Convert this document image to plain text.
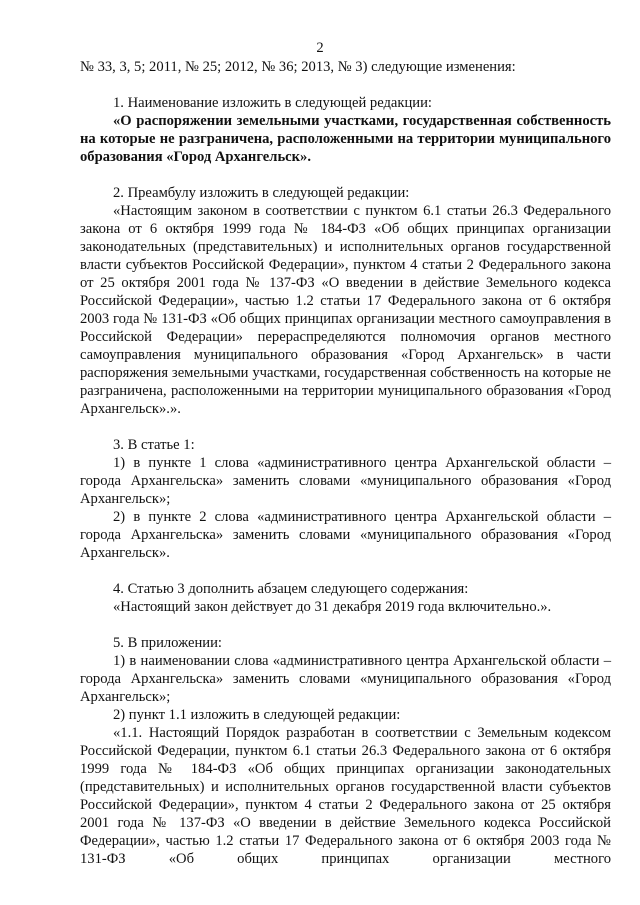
2

№ 33, 3, 5; 2011, № 25; 2012, № 36; 2013, № 3) следующие изменения:

1. Наименование изложить в следующей редакции:

«О распоряжении земельными участками, государственная собственность на которые не разграничена, расположенными на территории муниципального образования «Город Архангельск».

2. Преамбулу изложить в следующей редакции:

«Настоящим законом в соответствии с пунктом 6.1 статьи 26.3 Федерального закона от 6 октября 1999 года № 184-ФЗ «Об общих принципах организации законодательных (представительных) и исполнительных органов государственной власти субъектов Российской Федерации», пунктом 4 статьи 2 Федерального закона от 25 октября 2001 года № 137-ФЗ «О введении в действие Земельного кодекса Российской Федерации», частью 1.2 статьи 17 Федерального закона от 6 октября 2003 года № 131-ФЗ «Об общих принципах организации местного самоуправления в Российской Федерации» перераспределяются полномочия органов местного самоуправления муниципального образования «Город Архангельск» в части распоряжения земельными участками, государственная собственность на которые не разграничена, расположенными на территории муниципального образования «Город Архангельск».».

3. В статье 1:

1) в пункте 1 слова «административного центра Архангельской области – города Архангельска» заменить словами «муниципального образования «Город Архангельск»;

2) в пункте 2 слова «административного центра Архангельской области – города Архангельска» заменить словами «муниципального образования «Город Архангельск».

4. Статью 3 дополнить абзацем следующего содержания:

«Настоящий закон действует до 31 декабря 2019 года включительно.».

5. В приложении:

1) в наименовании слова «административного центра Архангельской области – города Архангельска» заменить словами «муниципального образования «Город Архангельск»;

2) пункт 1.1 изложить в следующей редакции:

«1.1. Настоящий Порядок разработан в соответствии с Земельным кодексом Российской Федерации, пунктом 6.1 статьи 26.3 Федерального закона от 6 октября 1999 года № 184-ФЗ «Об общих принципах организации законодательных (представительных) и исполнительных органов государственной власти субъектов Российской Федерации», пунктом 4 статьи 2 Федерального закона от 25 октября 2001 года № 137-ФЗ «О введении в действие Земельного кодекса Российской Федерации», частью 1.2 статьи 17 Федерального закона от 6 октября 2003 года № 131-ФЗ «Об общих принципах организации местного
